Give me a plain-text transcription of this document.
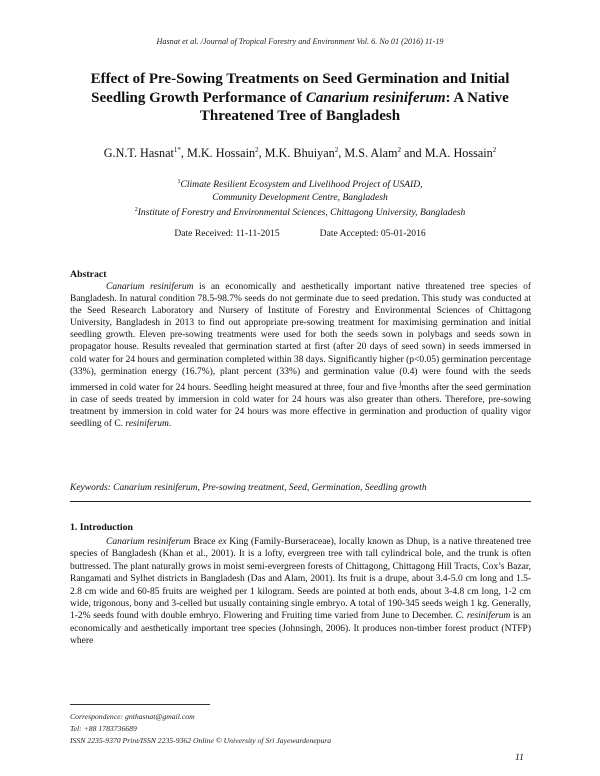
Hasnat et al. /Journal of Tropical Forestry and Environment Vol. 6. No 01 (2016) 11-19
Effect of Pre-Sowing Treatments on Seed Germination and Initial
Seedling Growth Performance of Canarium resiniferum: A Native
Threatened Tree of Bangladesh
G.N.T. Hasnat$^{1*}$, M.K. Hossain$^2$, M.K. Bhuiyan$^2$, M.S. Alam$^2$ and M.A. Hossain$^2$
$^1$Climate Resilient Ecosystem and Livelihood Project of USAID,
Community Development Centre, Bangladesh
$^2$Institute of Forestry and Environmental Sciences, Chittagong University, Bangladesh
Date Received: 11-11-2015	Date Accepted: 05-01-2016
Abstract

Canarium resiniferum is an economically and aesthetically important native threatened tree species of Bangladesh. In natural condition 78.5-98.7% seeds do not germinate due to seed predation. This study was conducted at the Seed Research Laboratory and Nursery of Institute of Forestry and Environmental Sciences of Chittagong University, Bangladesh in 2013 to find out appropriate pre-sowing treatment for maximising germination and initial seedling growth. Eleven pre-sowing treatments were used for both the seeds sown in polybags and seeds sown in propagator house. Results revealed that germination started at first (after 20 days of seed sown) in seeds immersed in cold water for 24 hours and germination completed within 38 days. Significantly higher (p<0.05) germination percentage (33%), germination energy (16.7%), plant percent (33%) and germination value (0.4) were found with the seeds immersed in cold water for 24 hours. Seedling height measured at three, four and five $^j$months after the seed germination in case of seeds treated by immersion in cold water for 24 hours was also greater than others. Therefore, pre-sowing treatment by immersion in cold water for 24 hours was more effective in germination and production of quality vigor seedling of C. resiniferum.

Keywords: Canarium resiniferum, Pre-sowing treatment, Seed, Germination, Seedling growth
1. Introduction

Canarium resiniferum Brace ex King (Family-Burseraceae), locally known as Dhup, is a native threatened tree species of Bangladesh (Khan et al., 2001). It is a lofty, evergreen tree with tall cylindrical bole, and the trunk is often buttressed. The plant naturally grows in moist semi-evergreen forests of Chittagong, Chittagong Hill Tracts, Cox’s Bazar, Rangamati and Sylhet districts in Bangladesh (Das and Alam, 2001). Its fruit is a drupe, about 3.4-5.0 cm long and 1.5-2.8 cm wide and 60-85 fruits are weighed per 1 kilogram. Seeds are pointed at both ends, about 3-4.8 cm long, 1-2 cm wide, trigonous, bony and 3-celled but usually containing single embryo. A total of 190-345 seeds weigh 1 kg. Generally, 1-2% seeds found with double embryo. Flowering and Fruiting time varied from June to December. C. resiniferum is an economically and aesthetically important tree species (Johnsingh, 2006). It produces non-timber forest product (NTFP) where

Correspondence: gnthasnat@gmail.com
Tel: +88 1783736689
ISSN 2235-9370 Print/ISSN 2235-9362 Online © University of Sri Jayewardenepura
11
